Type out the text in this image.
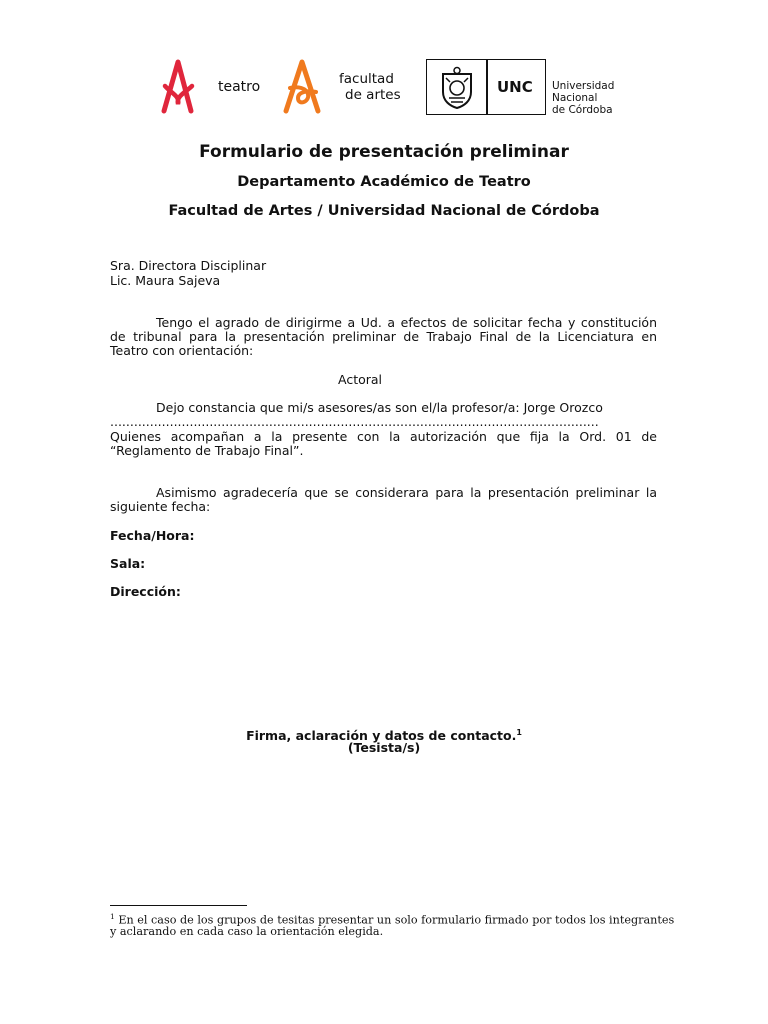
teatro	facultad
de artes	UNC Universidad
Nacional
de Córdoba
Formulario de presentación preliminar
Departamento Académico de Teatro
Facultad de Artes / Universidad Nacional de Córdoba
Sra. Directora Disciplinar
Lic. Maura Sajeva
Tengo el agrado de dirigirme a Ud. a efectos de solicitar fecha y constitución
de tribunal para la presentación preliminar de Trabajo Final de la Licenciatura en
Teatro con orientación:
Actoral
Dejo constancia que mi/s asesores/as son el/la profesor/a: Jorge Orozco
...........................................................................................................................
Quienes acompañan a la presente con la autorización que fija la Ord. 01 de
“Reglamento de Trabajo Final”.
Asimismo agradecería que se considerara para la presentación preliminar la
siguiente fecha:
Fecha/Hora:
Sala:
Dirección:
Firma, aclaración y datos de contacto.$^1$
(Tesista/s)
$^1$ En el caso de los grupos de tesitas presentar un solo formulario firmado por todos los integrantes
y aclarando en cada caso la orientación elegida.
